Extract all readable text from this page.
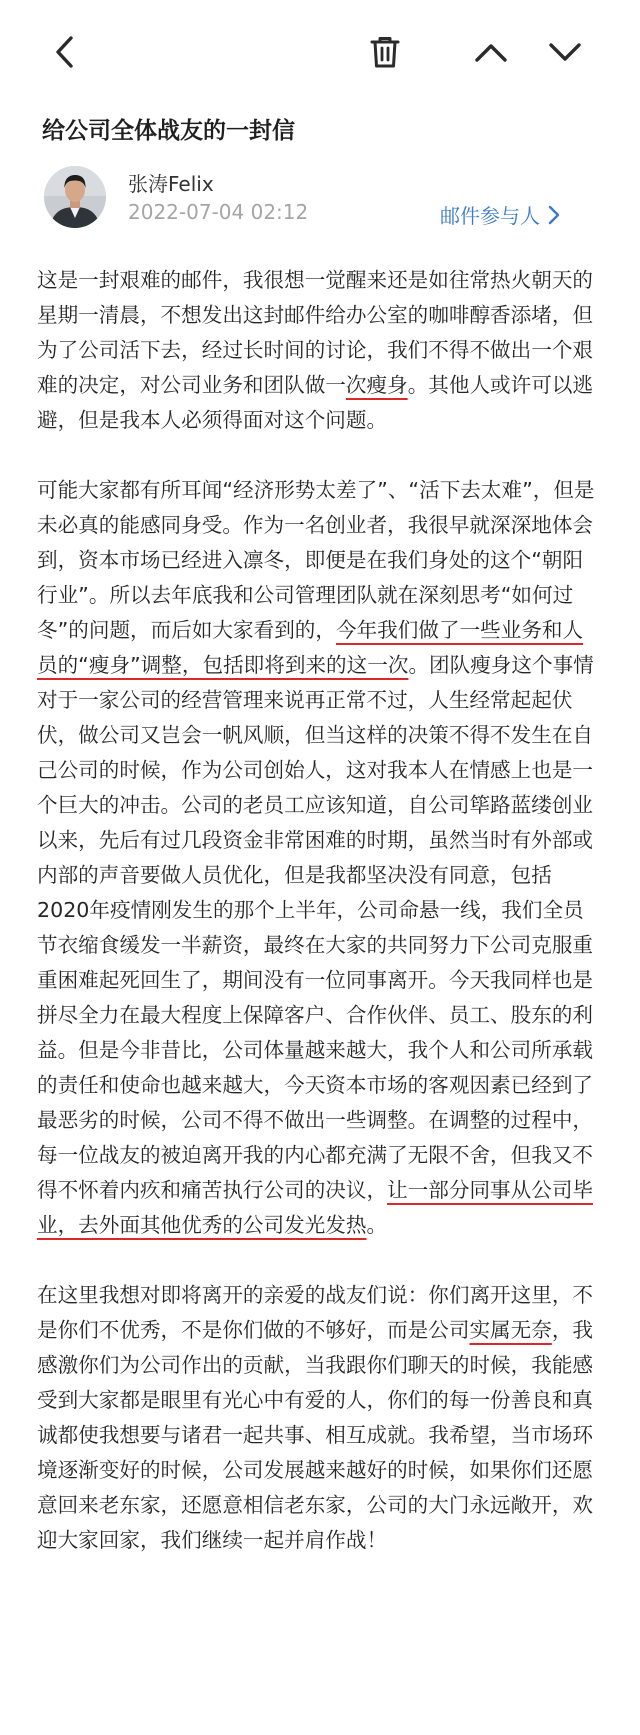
给公司全体战友的一封信
张涛Felix
2022-07-04 02:12	邮件参与人

这是一封艰难的邮件，我很想一觉醒来还是如往常热火朝天的星期一清晨，不想发出这封邮件给办公室的咖啡醇香添堵，但为了公司活下去，经过长时间的讨论，我们不得不做出一个艰难的决定，对公司业务和团队做一次瘦身。其他人或许可以逃避，但是我本人必须得面对这个问题。

可能大家都有所耳闻“经济形势太差了”、“活下去太难”，但是未必真的能感同身受。作为一名创业者，我很早就深深地体会到，资本市场已经进入凛冬，即便是在我们身处的这个“朝阳行业”。所以去年底我和公司管理团队就在深刻思考“如何过冬”的问题，而后如大家看到的，今年我们做了一些业务和人员的“瘦身”调整，包括即将到来的这一次。团队瘦身这个事情对于一家公司的经营管理来说再正常不过，人生经常起起伏伏，做公司又岂会一帆风顺，但当这样的决策不得不发生在自己公司的时候，作为公司创始人，这对我本人在情感上也是一个巨大的冲击。公司的老员工应该知道，自公司筚路蓝缕创业以来，先后有过几段资金非常困难的时期，虽然当时有外部或内部的声音要做人员优化，但是我都坚决没有同意，包括2020年疫情刚发生的那个上半年，公司命悬一线，我们全员节衣缩食缓发一半薪资，最终在大家的共同努力下公司克服重重困难起死回生了，期间没有一位同事离开。今天我同样也是拼尽全力在最大程度上保障客户、合作伙伴、员工、股东的利益。但是今非昔比，公司体量越来越大，我个人和公司所承载的责任和使命也越来越大，今天资本市场的客观因素已经到了最恶劣的时候，公司不得不做出一些调整。在调整的过程中，每一位战友的被迫离开我的内心都充满了无限不舍，但我又不得不怀着内疚和痛苦执行公司的决议，让一部分同事从公司毕业，去外面其他优秀的公司发光发热。

在这里我想对即将离开的亲爱的战友们说：你们离开这里，不是你们不优秀，不是你们做的不够好，而是公司实属无奈，我感激你们为公司作出的贡献，当我跟你们聊天的时候，我能感受到大家都是眼里有光心中有爱的人，你们的每一份善良和真诚都使我想要与诸君一起共事、相互成就。我希望，当市场环境逐渐变好的时候，公司发展越来越好的时候，如果你们还愿意回来老东家，还愿意相信老东家，公司的大门永远敞开，欢迎大家回家，我们继续一起并肩作战！
